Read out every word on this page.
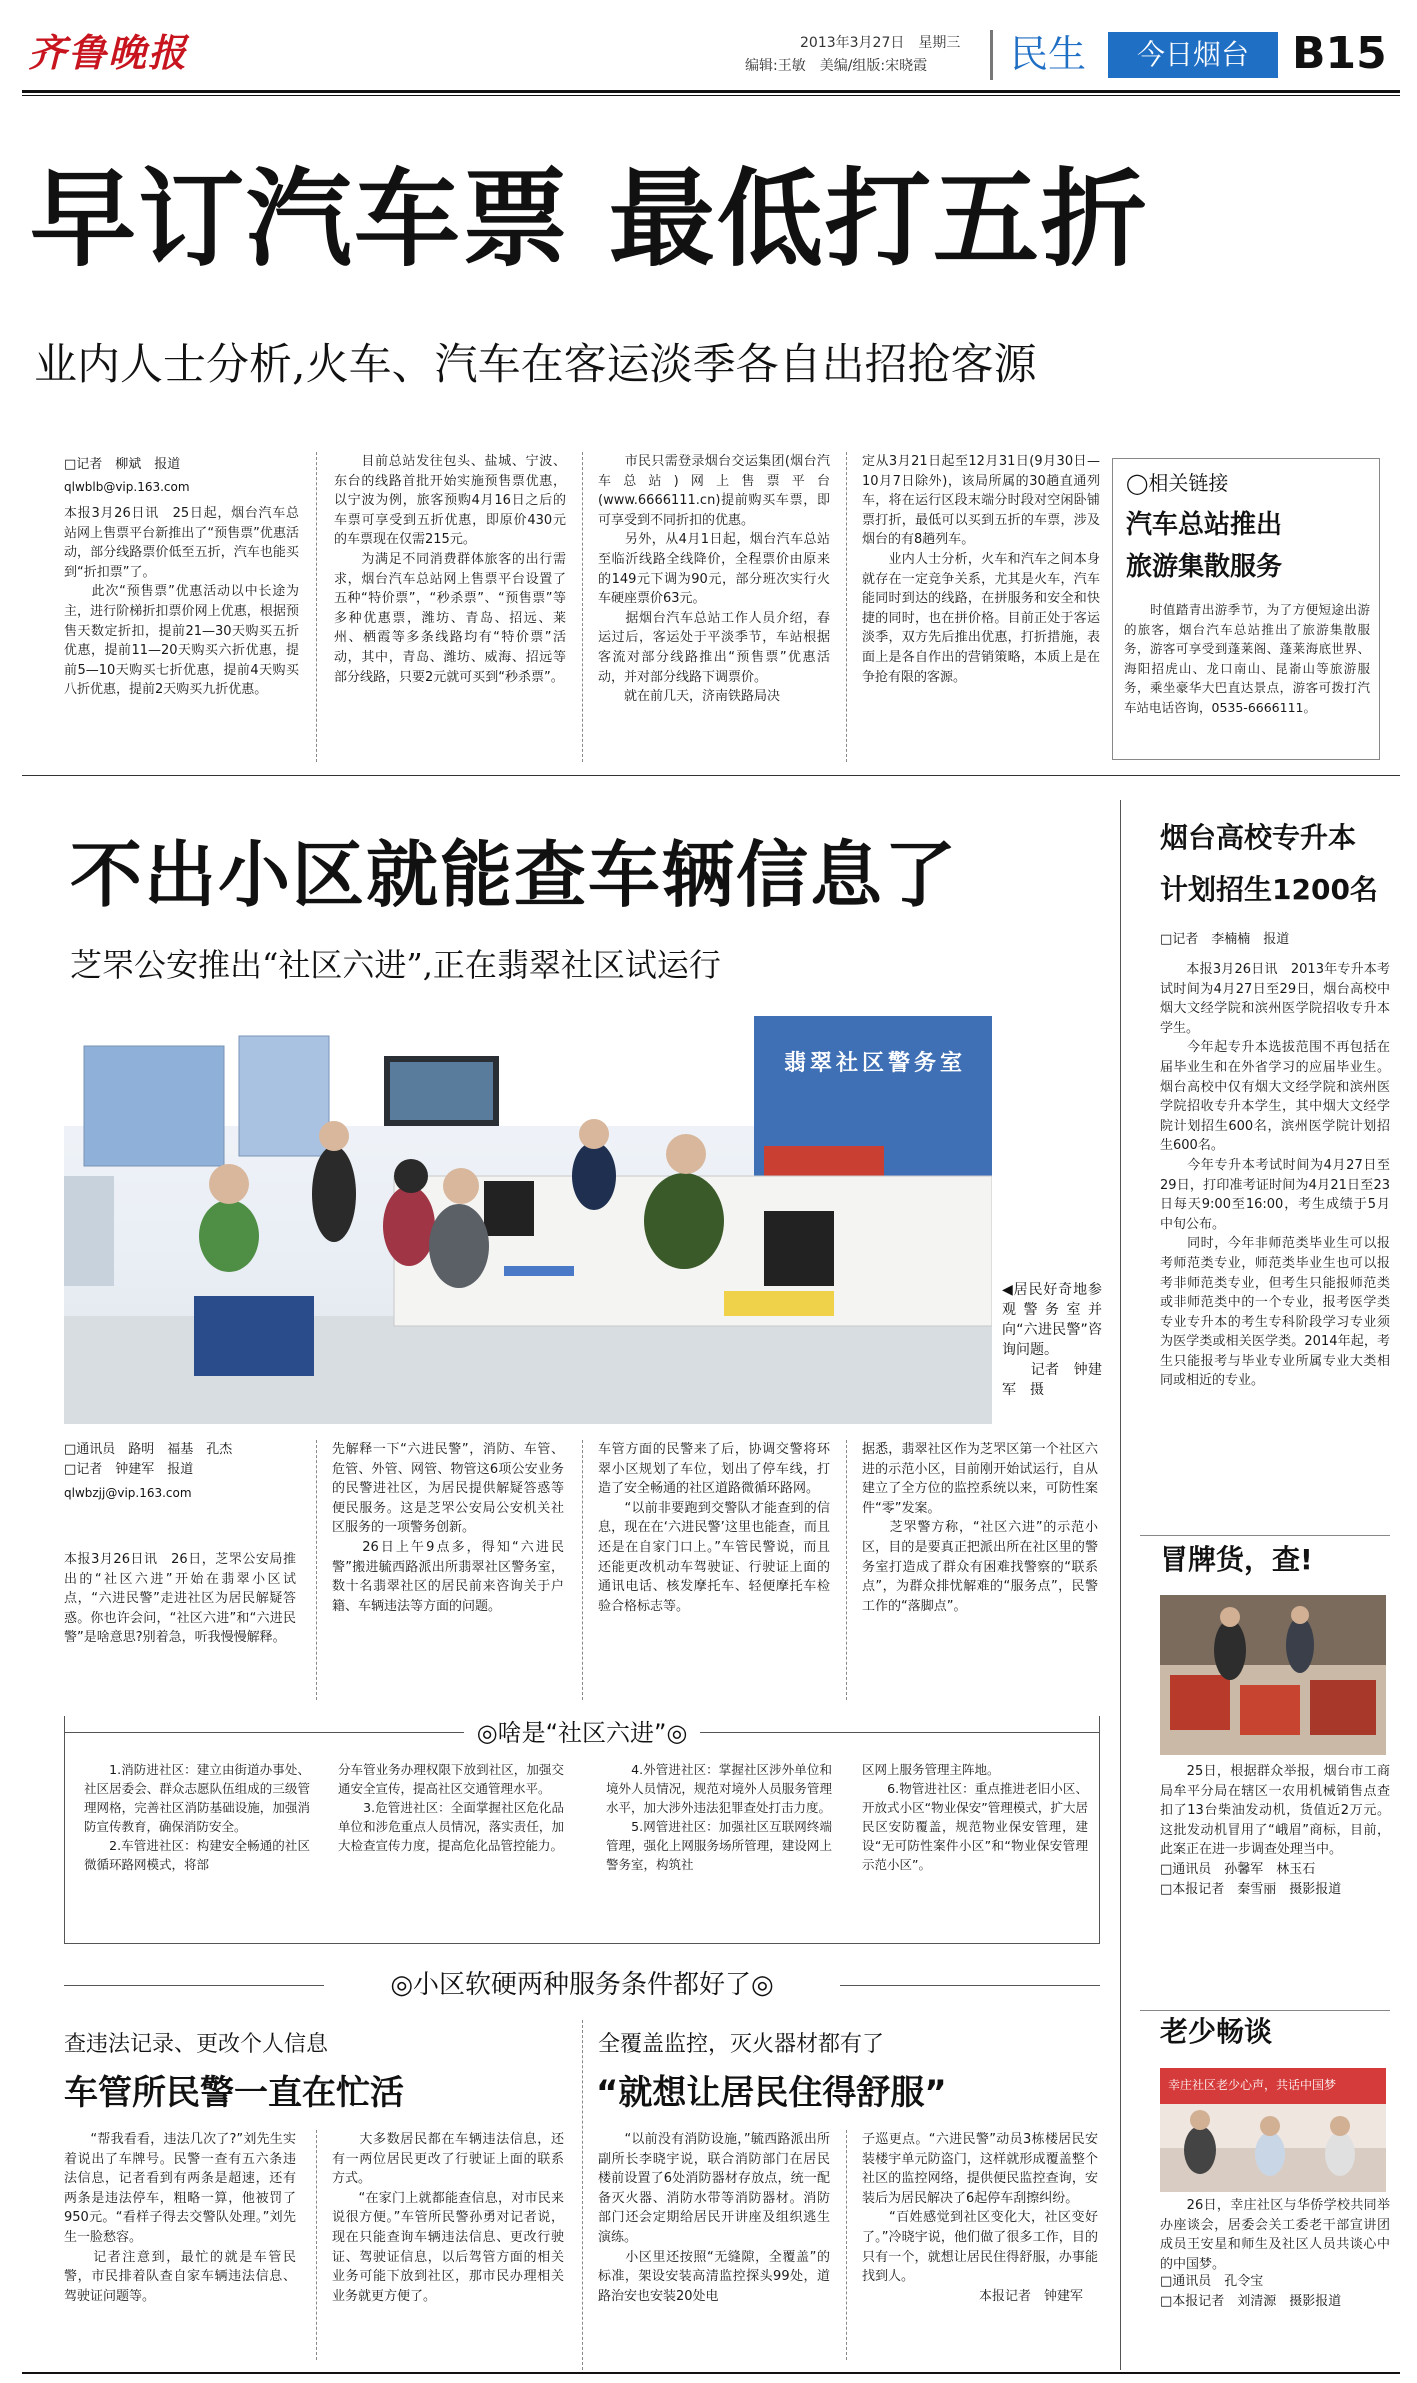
齐鲁晚报	2013年3月27日　星期三
编辑:王敏　美编/组版:宋晓霞 民生	今日烟台 B15
早订汽车票 最低打五折
业内人士分析,火车、汽车在客运淡季各自出招抢客源
□记者　柳斌　报道
qlwblb@vip.163.com
本报3月26日讯　25日起，烟台汽车总站网上售票平台新推出了“预售票”优惠活动，部分线路票价低至五折，汽车也能买到“折扣票”了。
　　此次“预售票”优惠活动以中长途为主，进行阶梯折扣票价网上优惠，根据预售天数定折扣，提前21—30天购买五折优惠，提前11—20天购买六折优惠，提前5—10天购买七折优惠，提前4天购买八折优惠，提前2天购买九折优惠。
　　目前总站发往包头、盐城、宁波、东台的线路首批开始实施预售票优惠，以宁波为例，旅客预购4月16日之后的车票可享受到五折优惠，即原价430元的车票现在仅需215元。
　　为满足不同消费群体旅客的出行需求，烟台汽车总站网上售票平台设置了五种“特价票”，“秒杀票”、“预售票”等多种优惠票，潍坊、青岛、招远、莱州、栖霞等多条线路均有“特价票”活动，其中，青岛、潍坊、威海、招远等部分线路，只要2元就可买到“秒杀票”。
　　市民只需登录烟台交运集团(烟台汽车总站)网上售票平台(www.6666111.cn)提前购买车票，即可享受到不同折扣的优惠。
　　另外，从4月1日起，烟台汽车总站至临沂线路全线降价，全程票价由原来的149元下调为90元，部分班次实行火车硬座票价63元。
　　据烟台汽车总站工作人员介绍，春运过后，客运处于平淡季节，车站根据客流对部分线路推出“预售票”优惠活动，并对部分线路下调票价。
　　就在前几天，济南铁路局决
定从3月21日起至12月31日(9月30日—10月7日除外)，该局所属的30趟直通列车，将在运行区段末端分时段对空闲卧铺票打折，最低可以买到五折的车票，涉及烟台的有8趟列车。
　　业内人士分析，火车和汽车之间本身就存在一定竞争关系，尤其是火车，汽车能同时到达的线路，在拼服务和安全和快捷的同时，也在拼价格。目前正处于客运淡季，双方先后推出优惠，打折措施，表面上是各自作出的营销策略，本质上是在争抢有限的客源。
◯相关链接
汽车总站推出
旅游集散服务
　　时值踏青出游季节，为了方便短途出游的旅客，烟台汽车总站推出了旅游集散服务，游客可享受到蓬莱阁、蓬莱海底世界、海阳招虎山、龙口南山、昆嵛山等旅游服务，乘坐豪华大巴直达景点，游客可拨打汽车站电话咨询，0535-6666111。
不出小区就能查车辆信息了
芝罘公安推出“社区六进”,正在翡翠社区试运行
翡翠社区警务室
◀居民好奇地参观警务室并向“六进民警”咨询问题。
　　记者　钟建军　摄
□通讯员　路明　福基　孔杰
□记者　钟建军　报道
qlwbzjj@vip.163.com
本报3月26日讯　26日，芝罘公安局推出的“社区六进”开始在翡翠小区试点，“六进民警”走进社区为居民解疑答惑。你也许会问，“社区六进”和“六进民警”是啥意思?别着急，听我慢慢解释。
先解释一下“六进民警”，消防、车管、危管、外管、网管、物管这6项公安业务的民警进社区，为居民提供解疑答惑等便民服务。这是芝罘公安局公安机关社区服务的一项警务创新。
　　26日上午9点多，得知“六进民警”搬进毓西路派出所翡翠社区警务室，数十名翡翠社区的居民前来咨询关于户籍、车辆违法等方面的问题。
车管方面的民警来了后，协调交警将环翠小区规划了车位，划出了停车线，打造了安全畅通的社区道路微循环路网。
　　“以前非要跑到交警队才能查到的信息，现在在‘六进民警’这里也能查，而且还是在自家门口上。”车管民警说，而且还能更改机动车驾驶证、行驶证上面的通讯电话、核发摩托车、轻便摩托车检验合格标志等。
据悉，翡翠社区作为芝罘区第一个社区六进的示范小区，目前刚开始试运行，自从建立了全方位的监控系统以来，可防性案件“零”发案。
　　芝罘警方称，“社区六进”的示范小区，目的是要真正把派出所在社区里的警务室打造成了群众有困难找警察的“联系点”，为群众排忧解难的“服务点”，民警工作的“落脚点”。
◎啥是“社区六进”◎
　　1.消防进社区：建立由街道办事处、社区居委会、群众志愿队伍组成的三级管理网格，完善社区消防基础设施，加强消防宣传教育，确保消防安全。
　　2.车管进社区：构建安全畅通的社区微循环路网模式，将部
分车管业务办理权限下放到社区，加强交通安全宣传，提高社区交通管理水平。
　　3.危管进社区：全面掌握社区危化品单位和涉危重点人员情况，落实责任，加大检查宣传力度，提高危化品管控能力。
　　4.外管进社区：掌握社区涉外单位和境外人员情况，规范对境外人员服务管理水平，加大涉外违法犯罪查处打击力度。
　　5.网管进社区：加强社区互联网终端管理，强化上网服务场所管理，建设网上警务室，构筑社
区网上服务管理主阵地。
　　6.物管进社区：重点推进老旧小区、开放式小区“物业保安”管理模式，扩大居民区安防覆盖，规范物业保安管理，建设“无可防性案件小区”和“物业保安管理示范小区”。
◎小区软硬两种服务条件都好了◎
查违法记录、更改个人信息
车管所民警一直在忙活
　　“帮我看看，违法几次了?”刘先生实着说出了车牌号。民警一查有五六条违法信息，记者看到有两条是超速，还有两条是违法停车，粗略一算，他被罚了950元。“看样子得去交警队处理。”刘先生一脸愁容。
　　记者注意到，最忙的就是车管民警，市民排着队查自家车辆违法信息、驾驶证问题等。
　　大多数居民都在车辆违法信息，还有一两位居民更改了行驶证上面的联系方式。
　　“在家门上就都能查信息，对市民来说很方便。”车管所民警孙勇对记者说，现在只能查询车辆违法信息、更改行驶证、驾驶证信息，以后驾管方面的相关业务可能下放到社区，那市民办理相关业务就更方便了。
全覆盖监控，灭火器材都有了
“就想让居民住得舒服”
　　“以前没有消防设施，”毓西路派出所副所长李晓宇说，联合消防部门在居民楼前设置了6处消防器材存放点，统一配备灭火器、消防水带等消防器材。消防部门还会定期给居民开讲座及组织逃生演练。
　　小区里还按照“无缝隙，全覆盖”的标准，架设安装高清监控探头99处，道路治安也安装20处电
子巡更点。“六进民警”动员3栋楼居民安装楼宇单元防盗门，这样就形成覆盖整个社区的监控网络，提供便民监控查询，安装后为居民解决了6起停车刮擦纠纷。
　　“百姓感觉到社区变化大，社区变好了。”冷晓宇说，他们做了很多工作，目的只有一个，就想让居民住得舒服，办事能找到人。
　　　　　　　　　本报记者　钟建军
烟台高校专升本
计划招生1200名
□记者　李楠楠　报道
　　本报3月26日讯　2013年专升本考试时间为4月27日至29日，烟台高校中烟大文经学院和滨州医学院招收专升本学生。
　　今年起专升本选拔范围不再包括在届毕业生和在外省学习的应届毕业生。烟台高校中仅有烟大文经学院和滨州医学院招收专升本学生，其中烟大文经学院计划招生600名，滨州医学院计划招生600名。
　　今年专升本考试时间为4月27日至29日，打印准考证时间为4月21日至23日每天9:00至16:00，考生成绩于5月中旬公布。
　　同时，今年非师范类毕业生可以报考师范类专业，师范类毕业生也可以报考非师范类专业，但考生只能报师范类或非师范类中的一个专业，报考医学类专业专升本的考生专科阶段学习专业须为医学类或相关医学类。2014年起，考生只能报考与毕业专业所属专业大类相同或相近的专业。
冒牌货，查!
　　25日，根据群众举报，烟台市工商局牟平分局在辖区一农用机械销售点查扣了13台柴油发动机，货值近2万元。这批发动机冒用了“峨眉”商标，目前，此案正在进一步调查处理当中。
□通讯员　孙馨军　林玉石
□本报记者　秦雪丽　摄影报道
老少畅谈
幸庄社区老少心声，共话中国梦
　　26日，幸庄社区与华侨学校共同举办座谈会，居委会关工委老干部宣讲团成员王安星和师生及社区人员共谈心中的中国梦。
□通讯员　孔令宝
□本报记者　刘清源　摄影报道
